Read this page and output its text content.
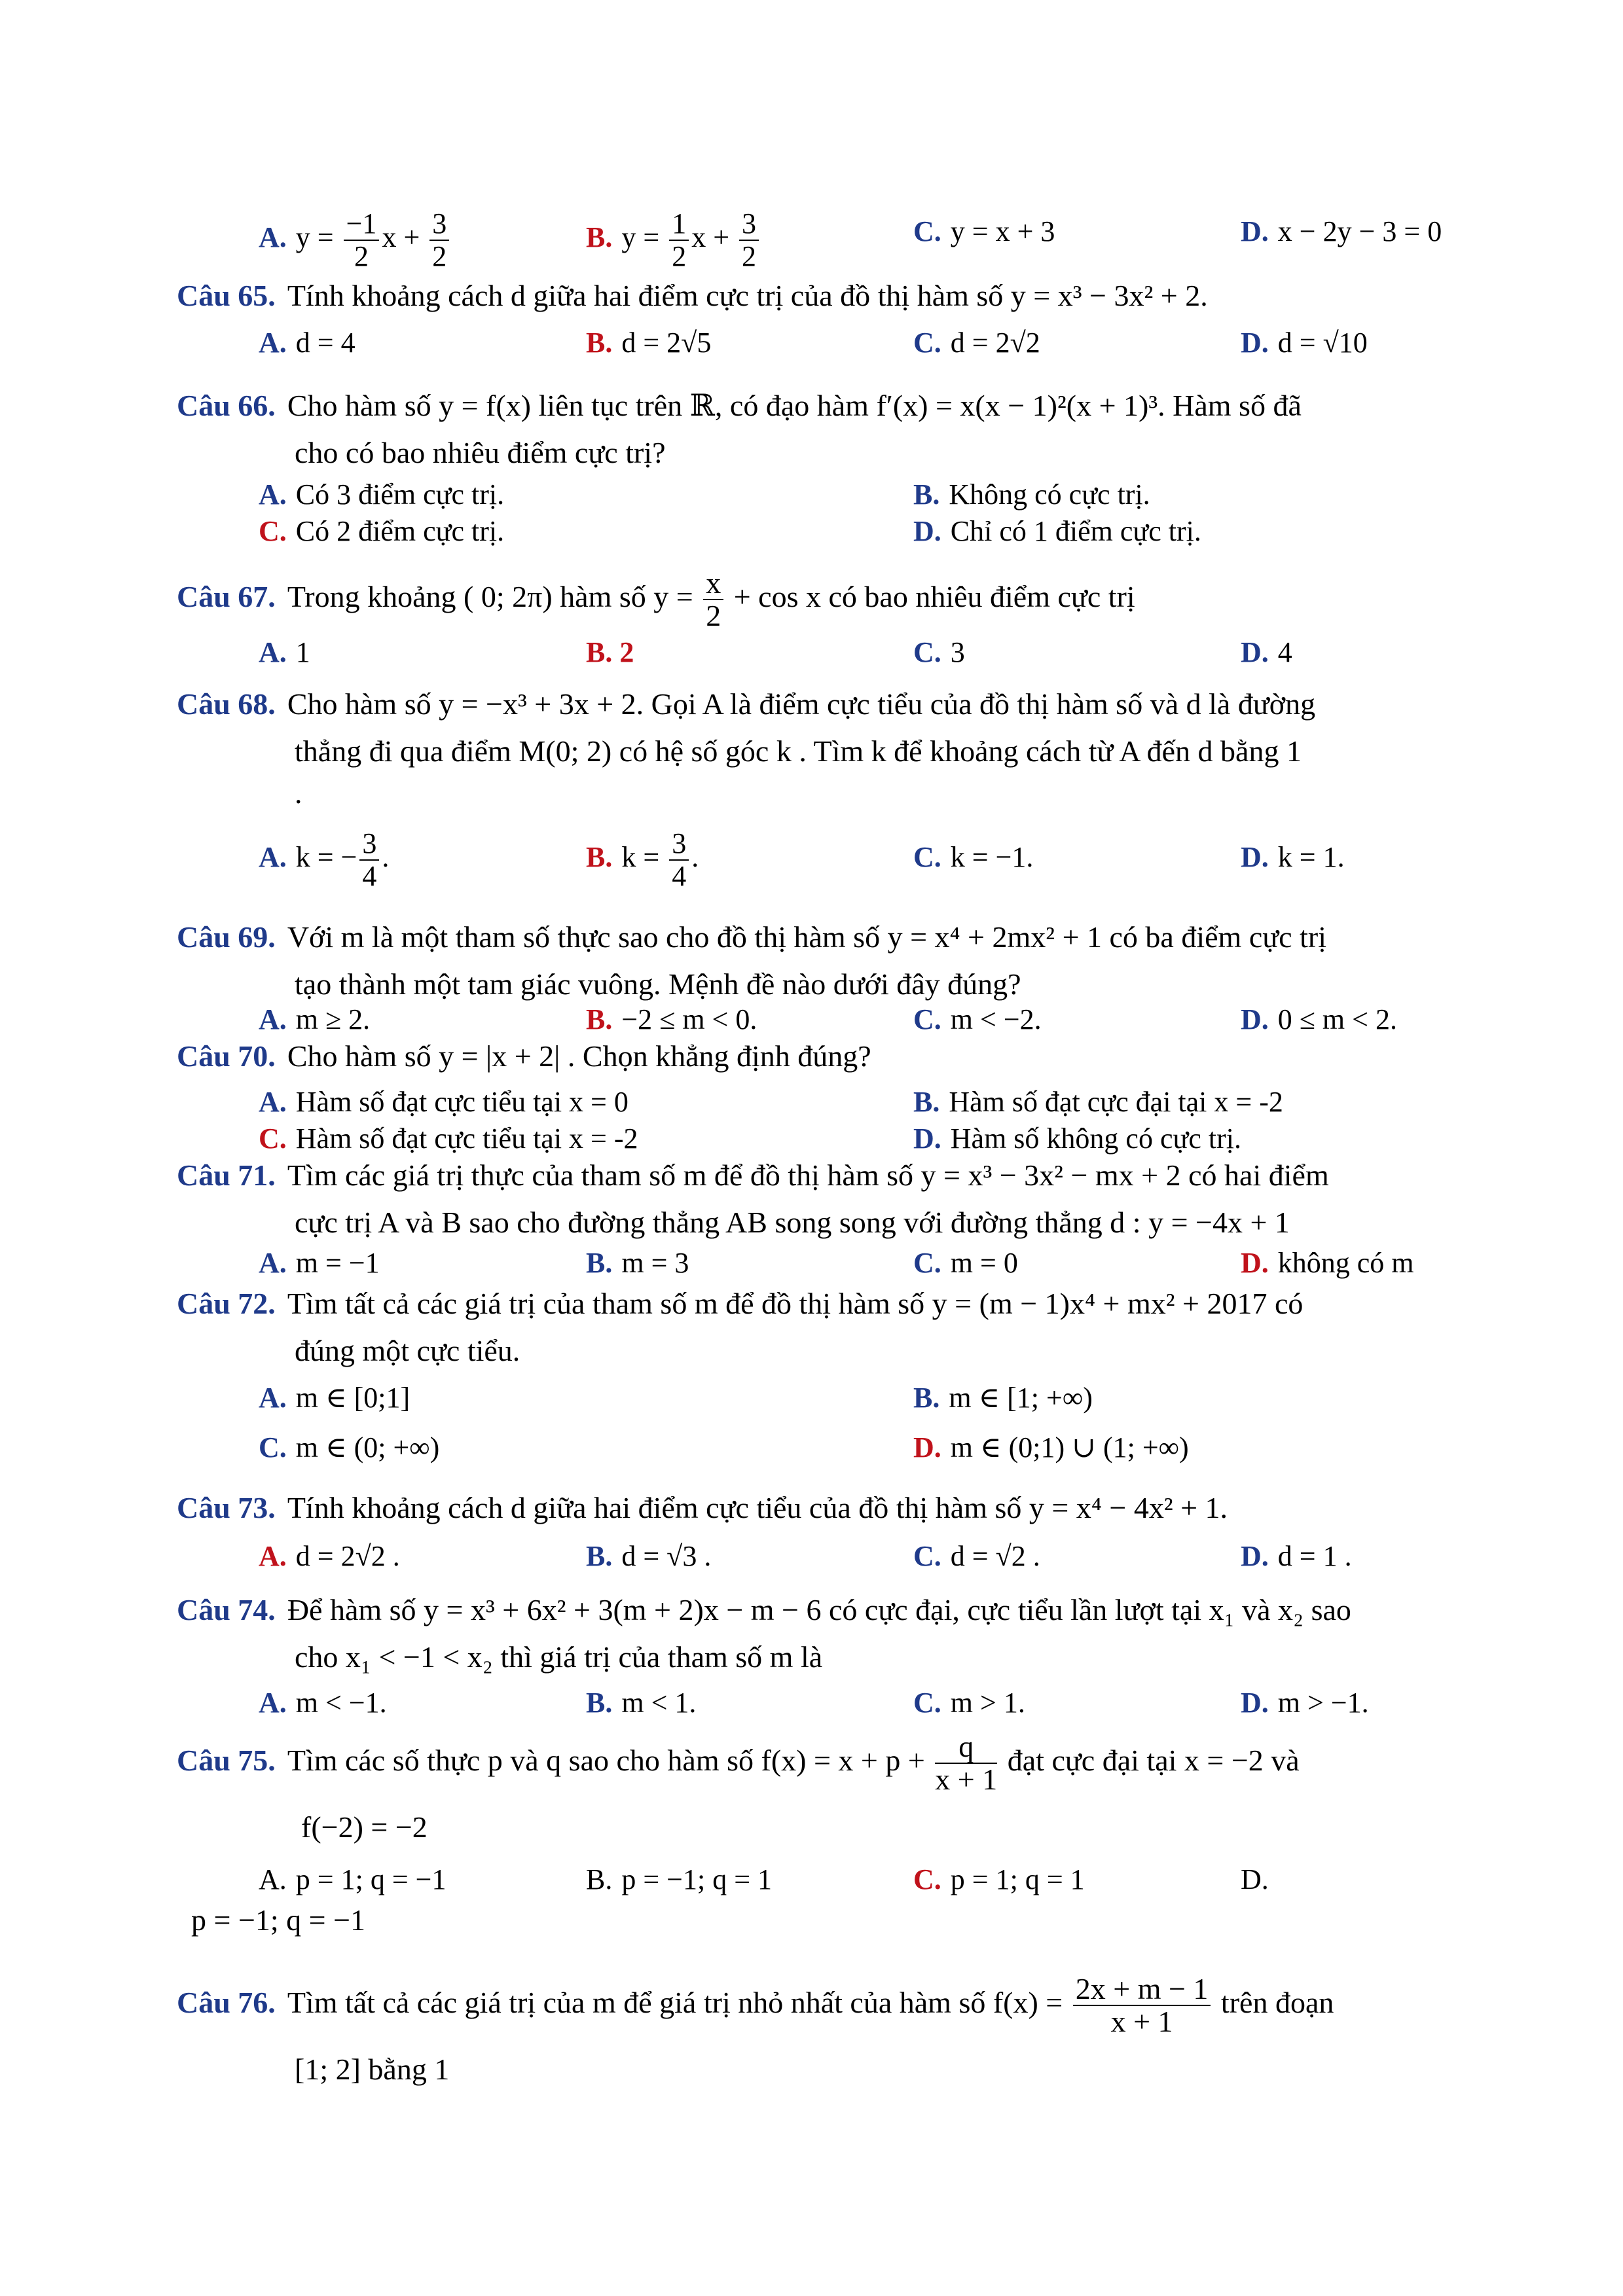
A. $y = \frac{-1}{2}$ $x + \frac{3}{2}$	B. $y = \frac{1}{2}$ $x + \frac{3}{2}$	C. y = x + 3	D. x − 2y − 3 = 0
Câu 65. Tính khoảng cách d giữa hai điểm cực trị của đồ thị hàm số y = x³ − 3x² + 2.
A. d = 4	B. d = 2√5	C. d = 2√2	D. d = √10
Câu 66. Cho hàm số y = f(x) liên tục trên ℝ, có đạo hàm f′(x) = x(x − 1)²(x + 1)³. Hàm số đã
cho có bao nhiêu điểm cực trị?
A. Có 3 điểm cực trị.	B. Không có cực trị.
C. Có 2 điểm cực trị.	D. Chỉ có 1 điểm cực trị.
Câu 67. Trong khoảng ( 0; 2π) hàm số $y = \frac{x}{2} + \cos x$ có bao nhiêu điểm cực trị
A. 1	B. 2	C. 3	D. 4
Câu 68. Cho hàm số y = −x³ + 3x + 2. Gọi A là điểm cực tiểu của đồ thị hàm số và d là đường
thẳng đi qua điểm M(0; 2) có hệ số góc k . Tìm k để khoảng cách từ A đến d bằng 1
.
A. k = − $\frac{3}{4}$ .	B. $k = \frac{3}{4}$ .	C. k = −1.	D. k = 1.
Câu 69. Với m là một tham số thực sao cho đồ thị hàm số y = x⁴ + 2mx² + 1 có ba điểm cực trị
tạo thành một tam giác vuông. Mệnh đề nào dưới đây đúng?
A. m ≥ 2.	B. −2 ≤ m < 0.	C. m < −2.	D. 0 ≤ m < 2.
Câu 70. Cho hàm số y = |x + 2| . Chọn khẳng định đúng?
A. Hàm số đạt cực tiểu tại x = 0	B. Hàm số đạt cực đại tại x = -2
C. Hàm số đạt cực tiểu tại x = -2	D. Hàm số không có cực trị.
Câu 71. Tìm các giá trị thực của tham số m để đồ thị hàm số y = x³ − 3x² − mx + 2 có hai điểm
cực trị A và B sao cho đường thẳng AB song song với đường thẳng d : y = −4x + 1
A. m = −1	B. m = 3	C. m = 0	D. không có m
Câu 72. Tìm tất cả các giá trị của tham số m để đồ thị hàm số y = (m − 1)x⁴ + mx² + 2017 có
đúng một cực tiểu.
A. m ∈ [0;1]	B. m ∈ [1; +∞)
C. m ∈ (0; +∞)	D. m ∈ (0;1) ∪ (1; +∞)
Câu 73. Tính khoảng cách d giữa hai điểm cực tiểu của đồ thị hàm số y = x⁴ − 4x² + 1.
A. d = 2√2 .	B. d = √3 .	C. d = √2 .	D. d = 1 .
Câu 74. Để hàm số y = x³ + 6x² + 3(m + 2)x − m − 6 có cực đại, cực tiểu lần lượt tại x₁ và x₂ sao
cho x₁ < −1 < x₂ thì giá trị của tham số m là
A. m < −1.	B. m < 1.	C. m > 1.	D. m > −1.
Câu 75. Tìm các số thực p và q sao cho hàm số $f(x) = x + p + \frac{q}{x + 1}$ đạt cực đại tại x = −2 và
f(−2) = −2
A. p = 1; q = −1	B. p = −1; q = 1	C. p = 1; q = 1	D.
p = −1; q = −1
Câu 76. Tìm tất cả các giá trị của m để giá trị nhỏ nhất của hàm số $f(x) = \frac{2x + m - 1}{x + 1}$ trên đoạn
[1; 2] bằng 1
